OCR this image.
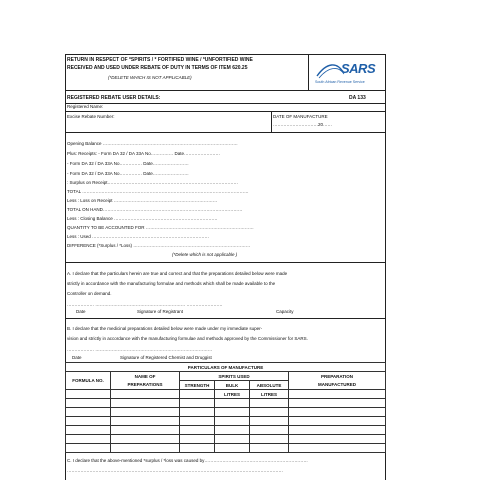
RETURN IN RESPECT OF *SPIRITS / * FORTIFIED WINE / *UNFORTIFIED WINE
RECEIVED AND USED UNDER REBATE OF DUTY IN TERMS OF ITEM 620.25
(*DELETE WHICH IS NOT APPLICABLE)
SARS
South African Revenue Service
REGISTERED REBATE USER DETAILS:	DA 133
Registered Name:
Excise Rebate Number:	DATE OF MANUFACTURE
…………………………20……
Opening Balance ………………………………………………………………………………
Plus: Receipts: - Form DA 32 / DA 33A No…………… Date……………………
- Form DA 32 / DA 33A No…………… Date……………………
- Form DA 32 / DA 33A No…………… Date……………………
: Surplus on Receipt……………………………………………………………………………
TOTAL …………………………………………………………………………………………………
Less : Loss on Receipt ……………………………………………………………
TOTAL ON HAND…………………………………………………………………………………
Less : Closing Balance ……………………………………………………………
QUANTITY TO BE ACCOUNTED FOR ………………………………………………………………
Less : Used ……………………………………………………………………
DIFFERENCE (*Surplus / *Loss) ……………………………………………………………………
(*Delete which is not applicable )
A. I declare that the particulars herein are true and correct and that the preparations detailed below were made
strictly in accordance with the manufacturing formulae and methods which shall be made available to the
Controller on demand.
……………… …………………………………………………… ……………………
Date	Signature of Registrant	Capacity
B. I declare that the medicinal preparations detailed below were made under my immediate super-
vision and strictly in accordance with the manufacturing formulae and methods approved by the Commissioner for SARS.
……………… ……………………………………………………………………
Date	Signature of Registered Chemist and Druggist
PARTICULARS OF MANUFACTURE					
FORMULA NO.	NAME OF	SPIRITS USED			PREPARATION
	PREPARATIONS	STRENGTH	BULK	ABSOLUTE	MANUFACTURED
			LITRES	LITRES	

C. I declare that the above-mentioned *surplus / *loss was caused by……………………………………………………………
………………………………………………………………………………………………………………………………
